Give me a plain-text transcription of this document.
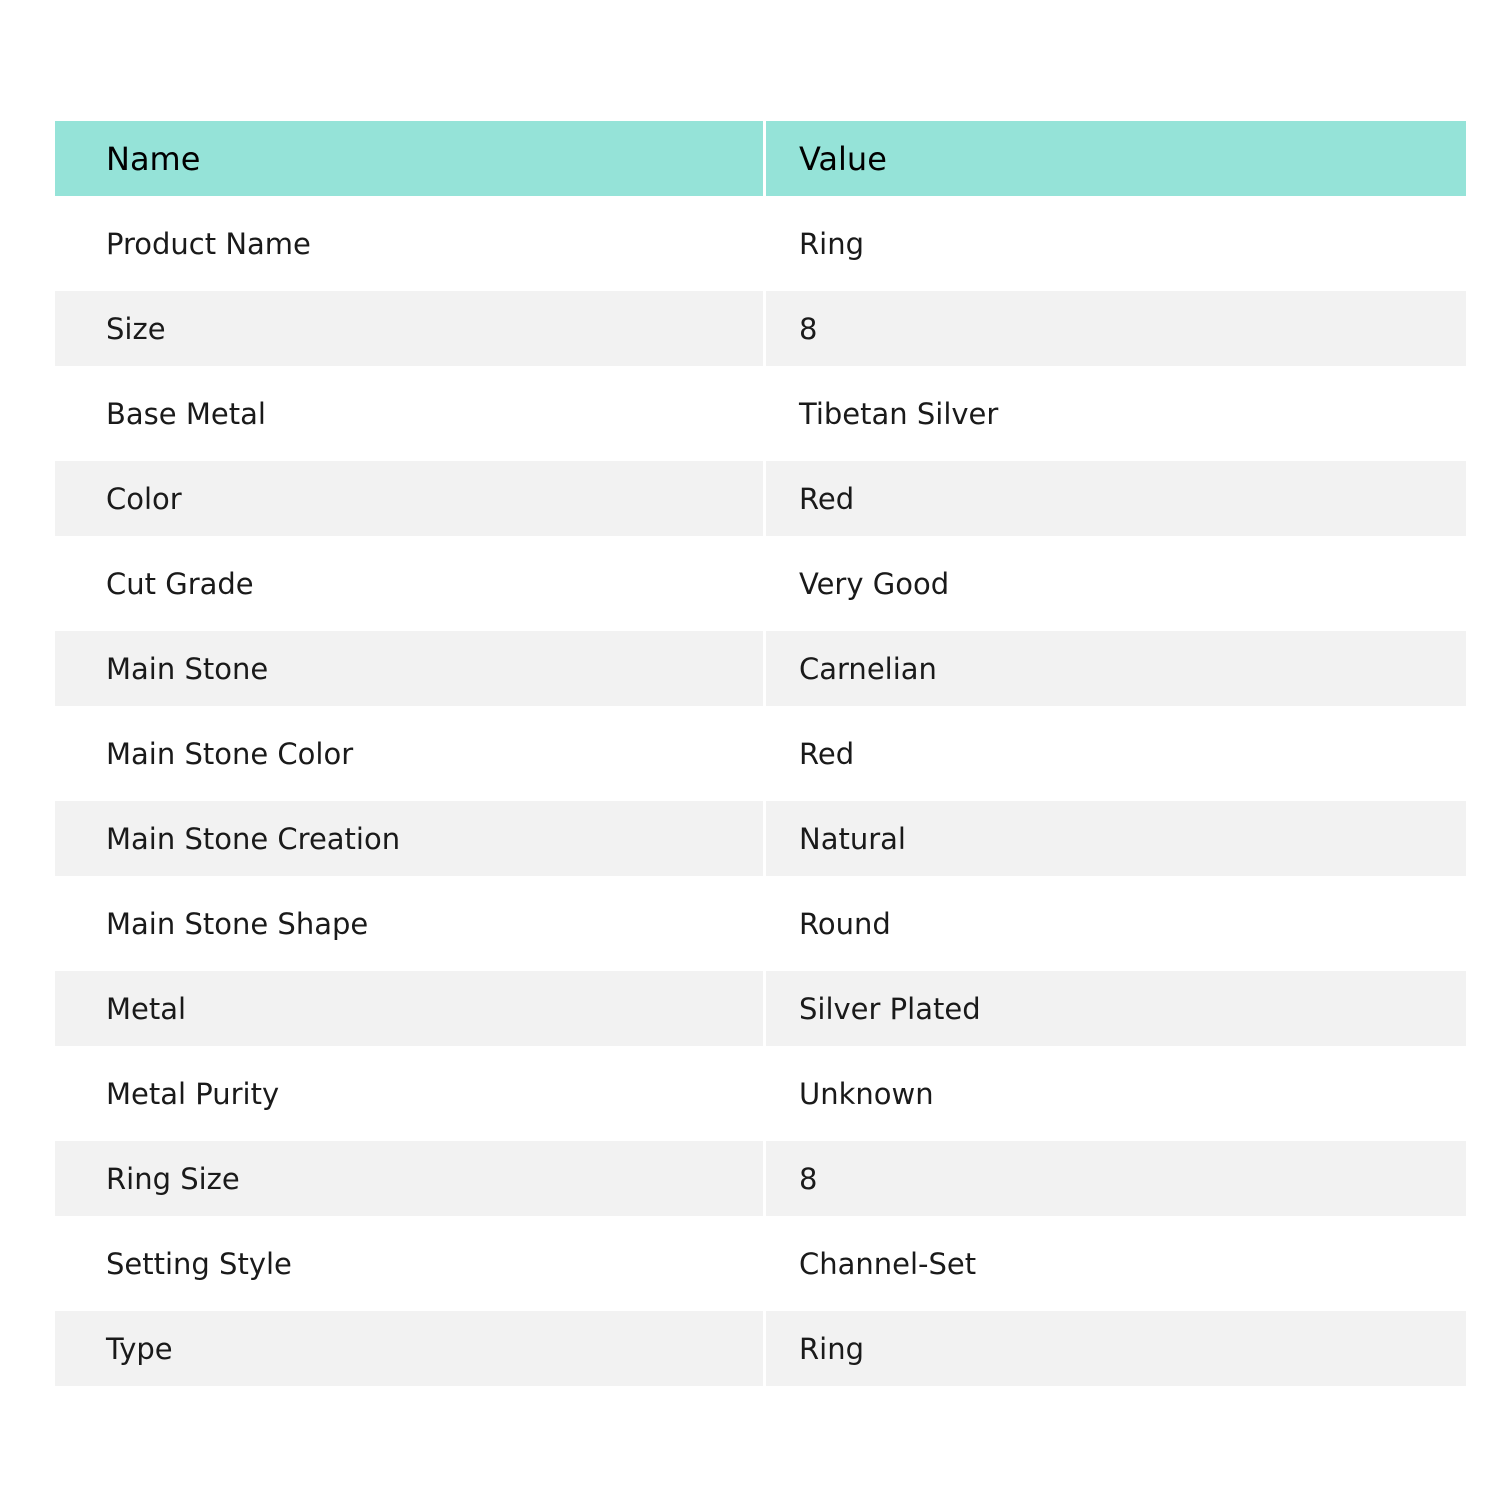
Name	Value
Product Name	Ring
Size	8
Base Metal	Tibetan Silver
Color	Red
Cut Grade	Very Good
Main Stone	Carnelian
Main Stone Color	Red
Main Stone Creation	Natural
Main Stone Shape	Round
Metal	Silver Plated
Metal Purity	Unknown
Ring Size	8
Setting Style	Channel-Set
Type	Ring
